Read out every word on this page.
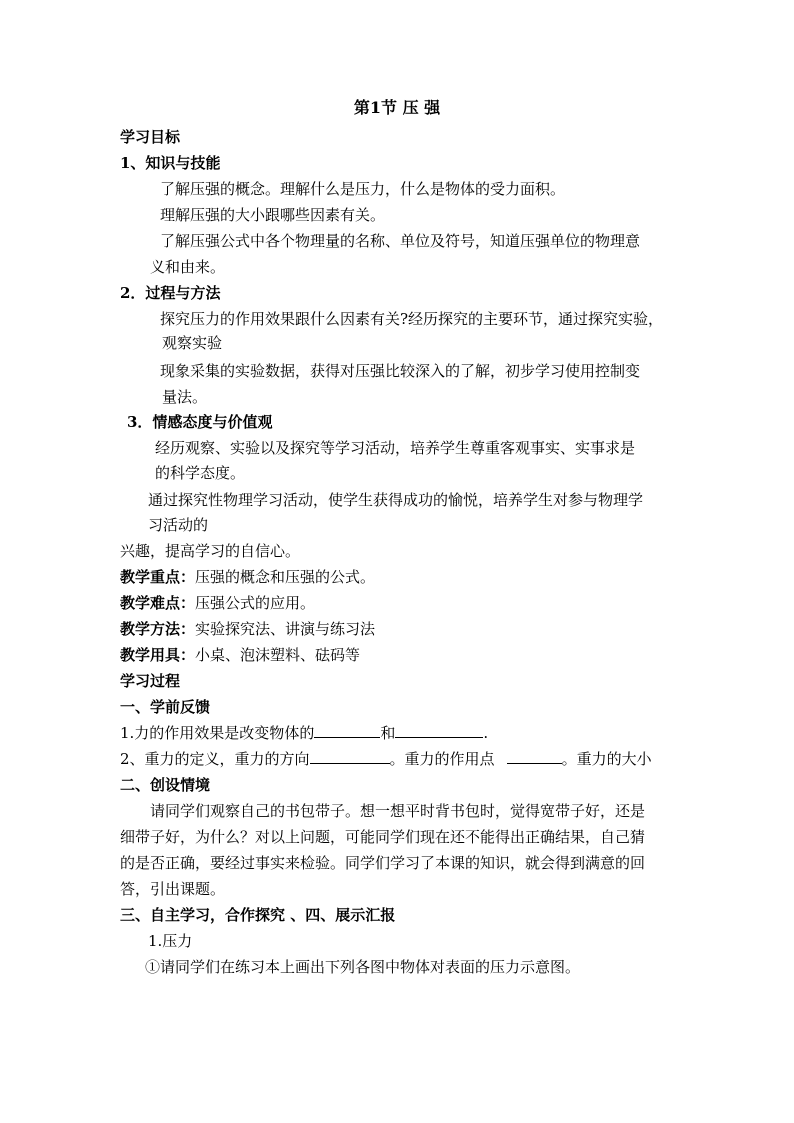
第1节 压 强
学习目标
1、知识与技能
了解压强的概念。理解什么是压力，什么是物体的受力面积。
理解压强的大小跟哪些因素有关。
了解压强公式中各个物理量的名称、单位及符号，知道压强单位的物理意
义和由来。
2．过程与方法
探究压力的作用效果跟什么因素有关?经历探究的主要环节，通过探究实验，
观察实验
现象采集的实验数据，获得对压强比较深入的了解，初步学习使用控制变
量法。
3．情感态度与价值观
经历观察、实验以及探究等学习活动，培养学生尊重客观事实、实事求是
的科学态度。
通过探究性物理学习活动，使学生获得成功的愉悦，培养学生对参与物理学
习活动的
兴趣，提高学习的自信心。
教学重点：压强的概念和压强的公式。
教学难点：压强公式的应用。
教学方法：实验探究法、讲演与练习法
教学用具：小桌、泡沫塑料、砝码等
学习过程
一、学前反馈
1.力的作用效果是改变物体的	和	.
2、重力的定义，重力的方向	。重力的作用点	。重力的大小
二、创设情境
请同学们观察自己的书包带子。想一想平时背书包时，觉得宽带子好，还是
细带子好，为什么？对以上问题，可能同学们现在还不能得出正确结果，自己猜
的是否正确，要经过事实来检验。同学们学习了本课的知识，就会得到满意的回
答，引出课题。
三、自主学习，合作探究 、四、展示汇报
1.压力
①请同学们在练习本上画出下列各图中物体对表面的压力示意图。
